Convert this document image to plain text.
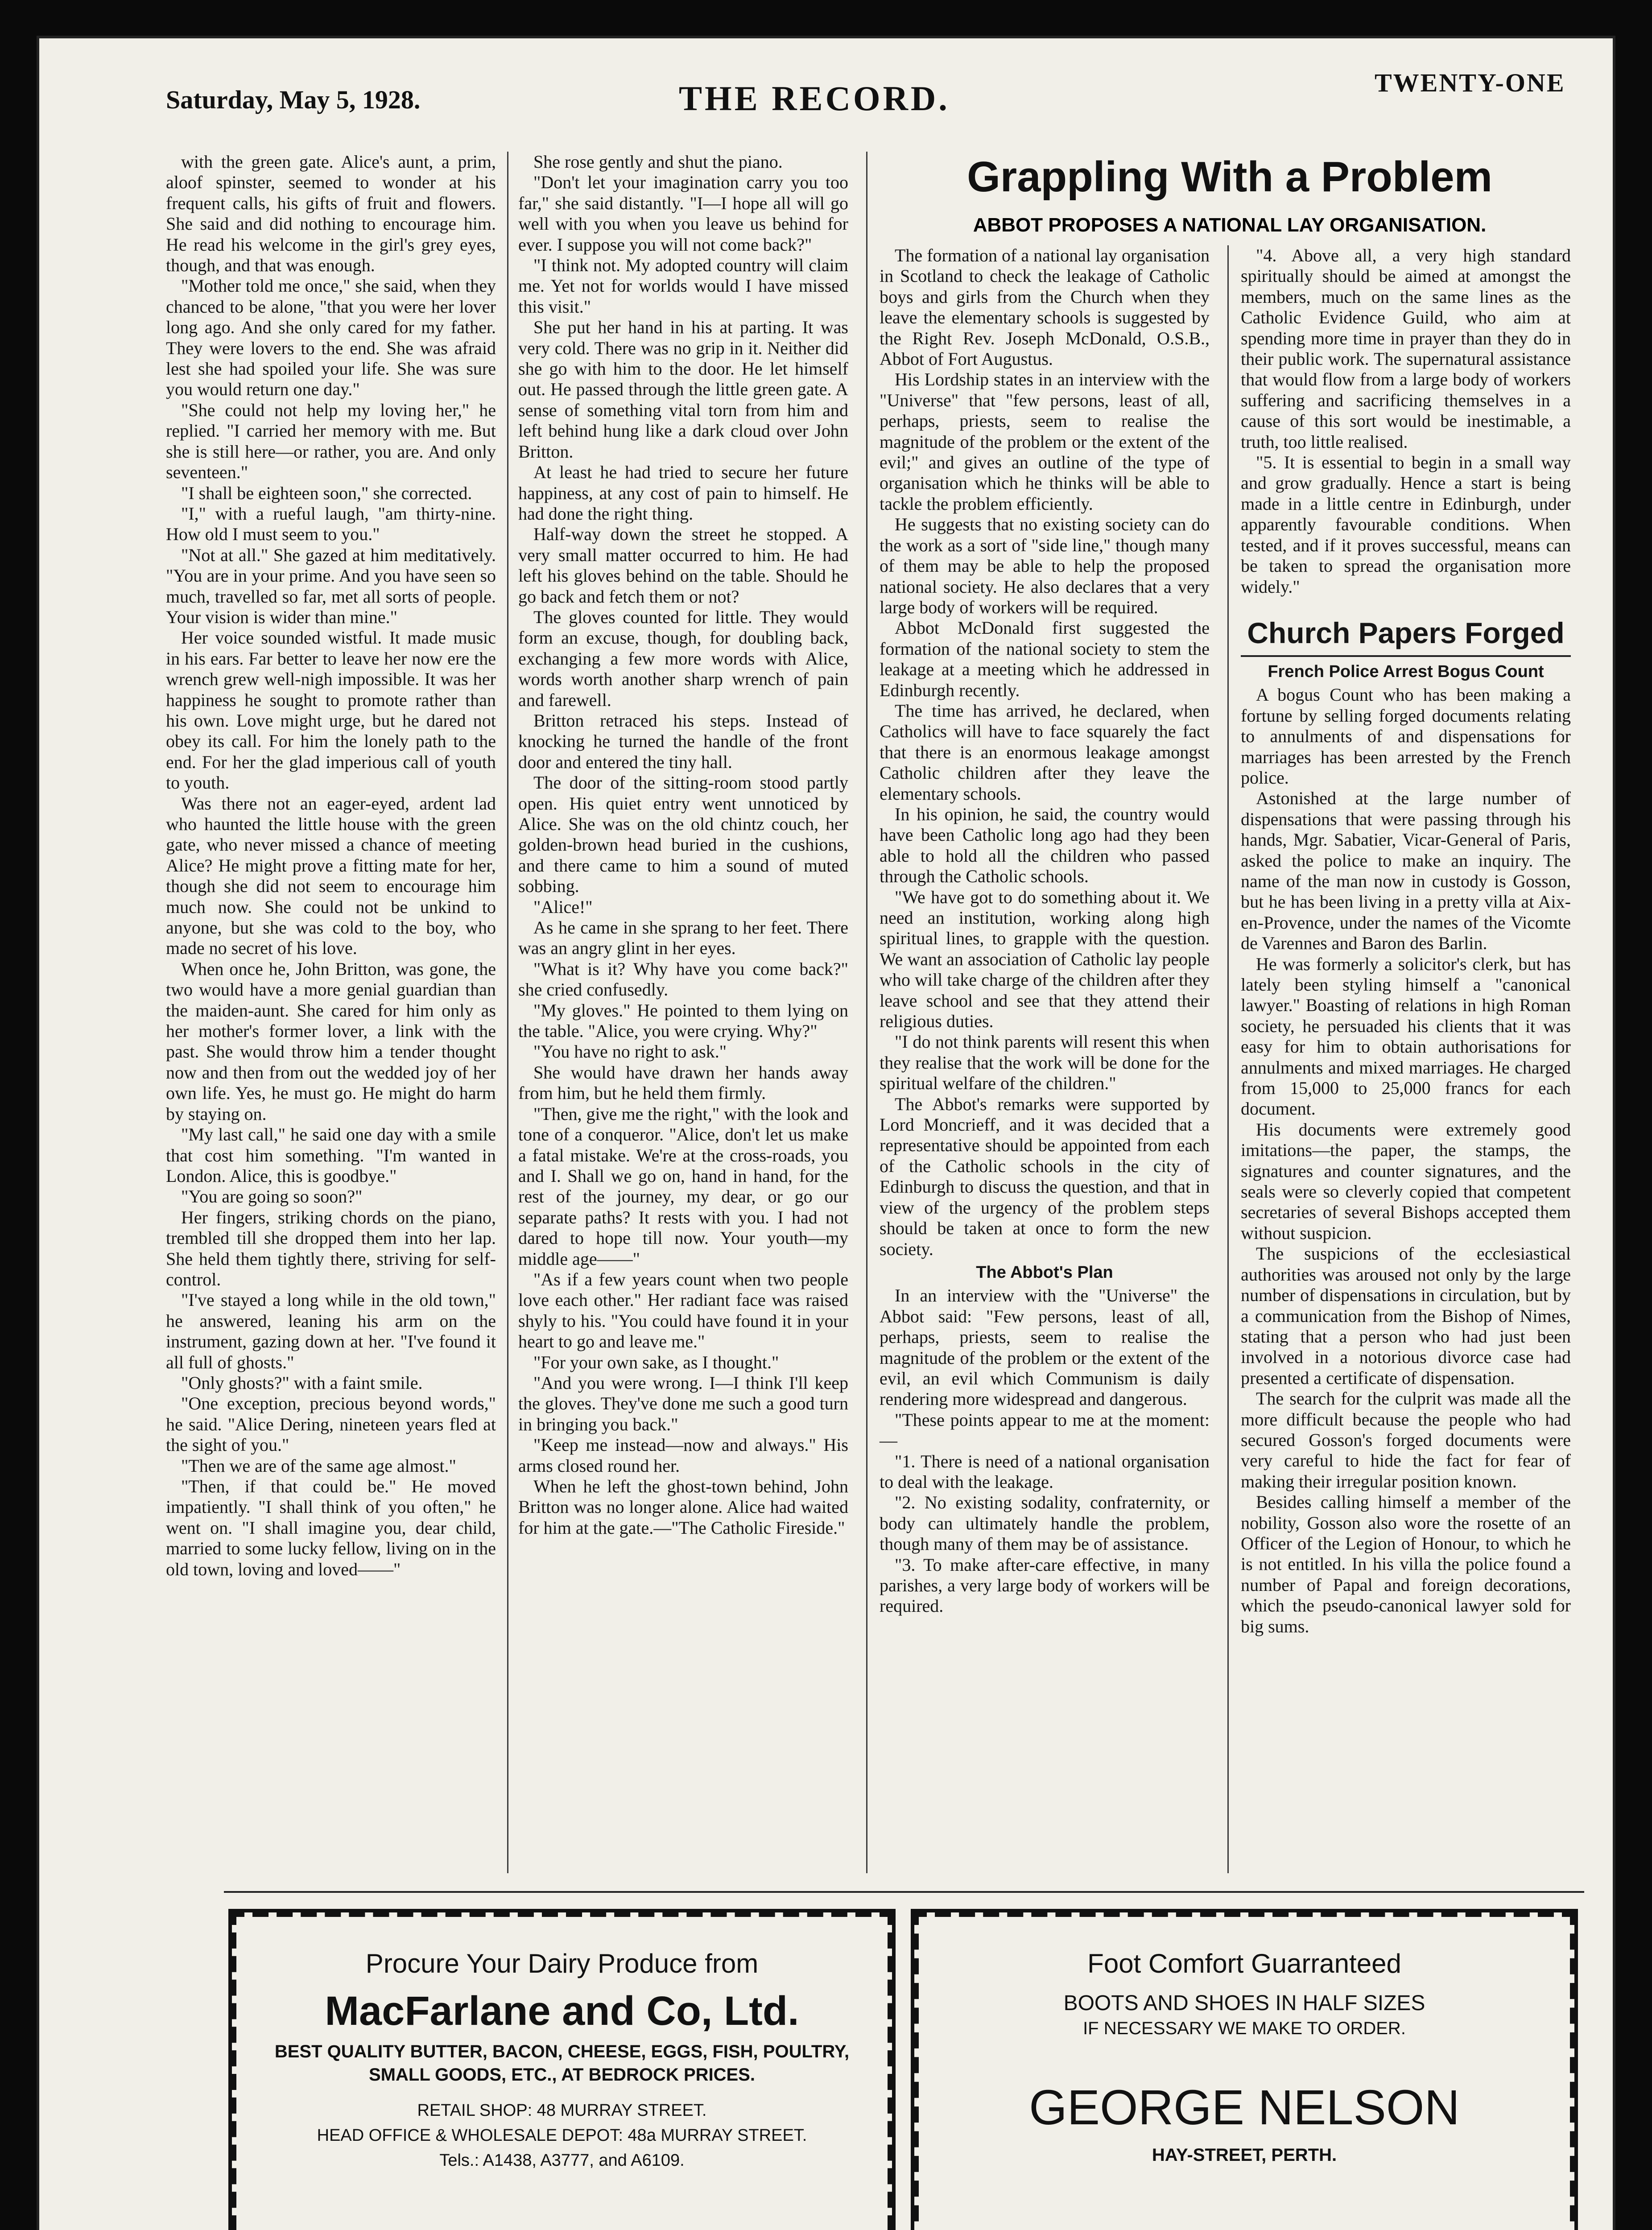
Saturday, May 5, 1928.	THE RECORD.	TWENTY-ONE

with the green gate. Alice's aunt, a prim, aloof spinster, seemed to wonder at his frequent calls, his gifts of fruit and flowers. She said and did nothing to encourage him. He read his welcome in the girl's grey eyes, though, and that was enough.

"Mother told me once," she said, when they chanced to be alone, "that you were her lover long ago. And she only cared for my father. They were lovers to the end. She was afraid lest she had spoiled your life. She was sure you would return one day."

"She could not help my loving her," he replied. "I carried her memory with me. But she is still here—or rather, you are. And only seventeen."

"I shall be eighteen soon," she corrected.

"I," with a rueful laugh, "am thirty-nine. How old I must seem to you."

"Not at all." She gazed at him meditatively. "You are in your prime. And you have seen so much, travelled so far, met all sorts of people. Your vision is wider than mine."

Her voice sounded wistful. It made music in his ears. Far better to leave her now ere the wrench grew well-nigh impossible. It was her happiness he sought to promote rather than his own. Love might urge, but he dared not obey its call. For him the lonely path to the end. For her the glad imperious call of youth to youth.

Was there not an eager-eyed, ardent lad who haunted the little house with the green gate, who never missed a chance of meeting Alice? He might prove a fitting mate for her, though she did not seem to encourage him much now. She could not be unkind to anyone, but she was cold to the boy, who made no secret of his love.

When once he, John Britton, was gone, the two would have a more genial guardian than the maiden-aunt. She cared for him only as her mother's former lover, a link with the past. She would throw him a tender thought now and then from out the wedded joy of her own life. Yes, he must go. He might do harm by staying on.

"My last call," he said one day with a smile that cost him something. "I'm wanted in London. Alice, this is goodbye."

"You are going so soon?"

Her fingers, striking chords on the piano, trembled till she dropped them into her lap. She held them tightly there, striving for self-control.

"I've stayed a long while in the old town," he answered, leaning his arm on the instrument, gazing down at her. "I've found it all full of ghosts."

"Only ghosts?" with a faint smile.

"One exception, precious beyond words," he said. "Alice Dering, nineteen years fled at the sight of you."

"Then we are of the same age almost."

"Then, if that could be." He moved impatiently. "I shall think of you often," he went on. "I shall imagine you, dear child, married to some lucky fellow, living on in the old town, loving and loved——"

She rose gently and shut the piano.

"Don't let your imagination carry you too far," she said distantly. "I—I hope all will go well with you when you leave us behind for ever. I suppose you will not come back?"

"I think not. My adopted country will claim me. Yet not for worlds would I have missed this visit."

She put her hand in his at parting. It was very cold. There was no grip in it. Neither did she go with him to the door. He let himself out. He passed through the little green gate. A sense of something vital torn from him and left behind hung like a dark cloud over John Britton.

At least he had tried to secure her future happiness, at any cost of pain to himself. He had done the right thing.

Half-way down the street he stopped. A very small matter occurred to him. He had left his gloves behind on the table. Should he go back and fetch them or not?

The gloves counted for little. They would form an excuse, though, for doubling back, exchanging a few more words with Alice, words worth another sharp wrench of pain and farewell.

Britton retraced his steps. Instead of knocking he turned the handle of the front door and entered the tiny hall.

The door of the sitting-room stood partly open. His quiet entry went unnoticed by Alice. She was on the old chintz couch, her golden-brown head buried in the cushions, and there came to him a sound of muted sobbing.

"Alice!"

As he came in she sprang to her feet. There was an angry glint in her eyes.

"What is it? Why have you come back?" she cried confusedly.

"My gloves." He pointed to them lying on the table. "Alice, you were crying. Why?"

"You have no right to ask."

She would have drawn her hands away from him, but he held them firmly.

"Then, give me the right," with the look and tone of a conqueror. "Alice, don't let us make a fatal mistake. We're at the cross-roads, you and I. Shall we go on, hand in hand, for the rest of the journey, my dear, or go our separate paths? It rests with you. I had not dared to hope till now. Your youth—my middle age——"

"As if a few years count when two people love each other." Her radiant face was raised shyly to his. "You could have found it in your heart to go and leave me."

"For your own sake, as I thought."

"And you were wrong. I—I think I'll keep the gloves. They've done me such a good turn in bringing you back."

"Keep me instead—now and always." His arms closed round her.

When he left the ghost-town behind, John Britton was no longer alone. Alice had waited for him at the gate.—"The Catholic Fireside."

Grappling With a Problem
ABBOT PROPOSES A NATIONAL LAY ORGANISATION.

The formation of a national lay organisation in Scotland to check the leakage of Catholic boys and girls from the Church when they leave the elementary schools is suggested by the Right Rev. Joseph McDonald, O.S.B., Abbot of Fort Augustus.

His Lordship states in an interview with the "Universe" that "few persons, least of all, perhaps, priests, seem to realise the magnitude of the problem or the extent of the evil;" and gives an outline of the type of organisation which he thinks will be able to tackle the problem efficiently.

He suggests that no existing society can do the work as a sort of "side line," though many of them may be able to help the proposed national society. He also declares that a very large body of workers will be required.

Abbot McDonald first suggested the formation of the national society to stem the leakage at a meeting which he addressed in Edinburgh recently.

The time has arrived, he declared, when Catholics will have to face squarely the fact that there is an enormous leakage amongst Catholic children after they leave the elementary schools.

In his opinion, he said, the country would have been Catholic long ago had they been able to hold all the children who passed through the Catholic schools.

"We have got to do something about it. We need an institution, working along high spiritual lines, to grapple with the question. We want an association of Catholic lay people who will take charge of the children after they leave school and see that they attend their religious duties.

"I do not think parents will resent this when they realise that the work will be done for the spiritual welfare of the children."

The Abbot's remarks were supported by Lord Moncrieff, and it was decided that a representative should be appointed from each of the Catholic schools in the city of Edinburgh to discuss the question, and that in view of the urgency of the problem steps should be taken at once to form the new society.

The Abbot's Plan

In an interview with the "Universe" the Abbot said: "Few persons, least of all, perhaps, priests, seem to realise the magnitude of the problem or the extent of the evil, an evil which Communism is daily rendering more widespread and dangerous.

"These points appear to me at the moment:—

"1. There is need of a national organisation to deal with the leakage.

"2. No existing sodality, confraternity, or body can ultimately handle the problem, though many of them may be of assistance.

"3. To make after-care effective, in many parishes, a very large body of workers will be required.

"4. Above all, a very high standard spiritually should be aimed at amongst the members, much on the same lines as the Catholic Evidence Guild, who aim at spending more time in prayer than they do in their public work. The supernatural assistance that would flow from a large body of workers suffering and sacrificing themselves in a cause of this sort would be inestimable, a truth, too little realised.

"5. It is essential to begin in a small way and grow gradually. Hence a start is being made in a little centre in Edinburgh, under apparently favourable conditions. When tested, and if it proves successful, means can be taken to spread the organisation more widely."

Church Papers Forged

French Police Arrest Bogus Count

A bogus Count who has been making a fortune by selling forged documents relating to annulments of and dispensations for marriages has been arrested by the French police.

Astonished at the large number of dispensations that were passing through his hands, Mgr. Sabatier, Vicar-General of Paris, asked the police to make an inquiry. The name of the man now in custody is Gosson, but he has been living in a pretty villa at Aix-en-Provence, under the names of the Vicomte de Varennes and Baron des Barlin.

He was formerly a solicitor's clerk, but has lately been styling himself a "canonical lawyer." Boasting of relations in high Roman society, he persuaded his clients that it was easy for him to obtain authorisations for annulments and mixed marriages. He charged from 15,000 to 25,000 francs for each document.

His documents were extremely good imitations—the paper, the stamps, the signatures and counter signatures, and the seals were so cleverly copied that competent secretaries of several Bishops accepted them without suspicion.

The suspicions of the ecclesiastical authorities was aroused not only by the large number of dispensations in circulation, but by a communication from the Bishop of Nimes, stating that a person who had just been involved in a notorious divorce case had presented a certificate of dispensation.

The search for the culprit was made all the more difficult because the people who had secured Gosson's forged documents were very careful to hide the fact for fear of making their irregular position known.

Besides calling himself a member of the nobility, Gosson also wore the rosette of an Officer of the Legion of Honour, to which he is not entitled. In his villa the police found a number of Papal and foreign decorations, which the pseudo-canonical lawyer sold for big sums.

Procure Your Dairy Produce from
MacFarlane and Co, Ltd.
BEST QUALITY BUTTER, BACON, CHEESE, EGGS, FISH, POULTRY, SMALL GOODS, ETC., AT BEDROCK PRICES.
RETAIL SHOP: 48 MURRAY STREET.
HEAD OFFICE & WHOLESALE DEPOT: 48a MURRAY STREET.
Tels.: A1438, A3777, and A6109.
Foot Comfort Guarranteed
BOOTS AND SHOES IN HALF SIZES
IF NECESSARY WE MAKE TO ORDER.
GEORGE NELSON
HAY-STREET, PERTH.
